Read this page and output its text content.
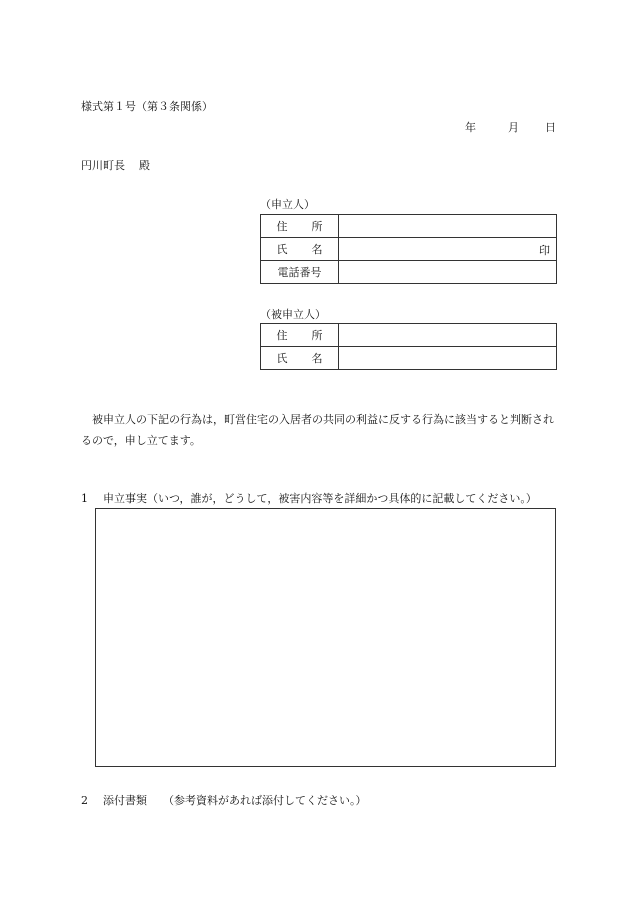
様式第１号（第３条関係）
年	月 日
円川町長 殿
（申立人）
住 所	

氏 名	印

電話番号	
（被申立人）
住 所	

氏 名	

被申立人の下記の行為は，町営住宅の入居者の共同の利益に反する行為に該当すると判断されるので，申し立てます。

1 申立事実（いつ，誰が，どうして，被害内容等を詳細かつ具体的に記載してください。）
2 添付書類 （参考資料があれば添付してください。）
